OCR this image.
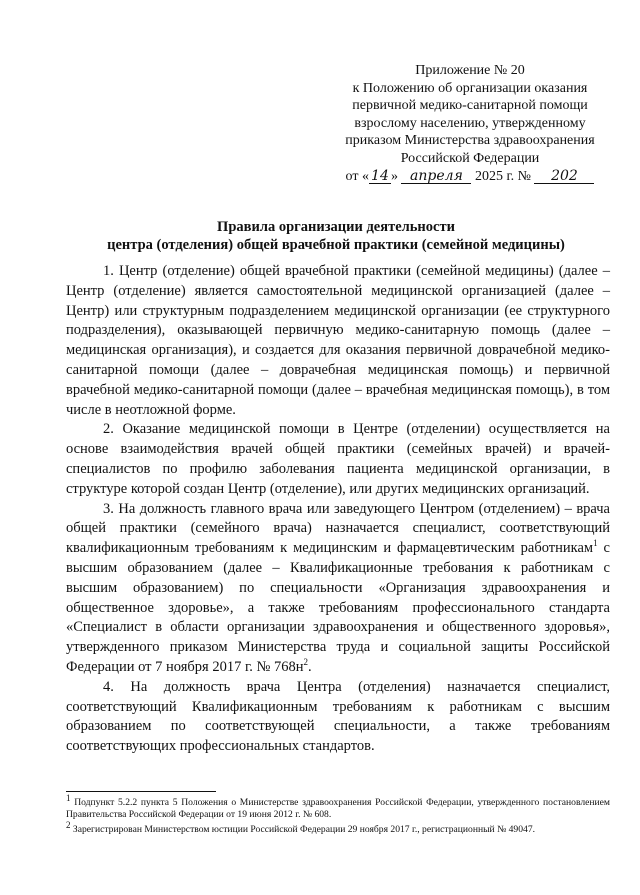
Приложение № 20
к Положению об организации оказания
первичной медико-санитарной помощи
взрослому населению, утвержденному
приказом Министерства здравоохранения
Российской Федерации
от « 14 » апреля 2025 г. № 202
Правила организации деятельности
центра (отделения) общей врачебной практики (семейной медицины)

1. Центр (отделение) общей врачебной практики (семейной медицины) (далее – Центр (отделение) является самостоятельной медицинской организацией (далее – Центр) или структурным подразделением медицинской организации (ее структурного подразделения), оказывающей первичную медико-санитарную помощь (далее – медицинская организация), и создается для оказания первичной доврачебной медико-санитарной помощи (далее – доврачебная медицинская помощь) и первичной врачебной медико-санитарной помощи (далее – врачебная медицинская помощь), в том числе в неотложной форме.

2. Оказание медицинской помощи в Центре (отделении) осуществляется на основе взаимодействия врачей общей практики (семейных врачей) и врачей-специалистов по профилю заболевания пациента медицинской организации, в структуре которой создан Центр (отделение), или других медицинских организаций.

3. На должность главного врача или заведующего Центром (отделением) – врача общей практики (семейного врача) назначается специалист, соответствующий квалификационным требованиям к медицинским и фармацевтическим работникам$^1$ с высшим образованием (далее – Квалификационные требования к работникам с высшим образованием) по специальности «Организация здравоохранения и общественное здоровье», а также требованиям профессионального стандарта «Специалист в области организации здравоохранения и общественного здоровья», утвержденного приказом Министерства труда и социальной защиты Российской Федерации от 7 ноября 2017 г. № $768н^2$.

4. На должность врача Центра (отделения) назначается специалист, соответствующий Квалификационным требованиям к работникам с высшим образованием по соответствующей специальности, а также требованиям соответствующих профессиональных стандартов.

$^1$ Подпункт 5.2.2 пункта 5 Положения о Министерстве здравоохранения Российской Федерации, утвержденного постановлением Правительства Российской Федерации от 19 июня 2012 г. № 608.

$^2$ Зарегистрирован Министерством юстиции Российской Федерации 29 ноября 2017 г., регистрационный № 49047.
